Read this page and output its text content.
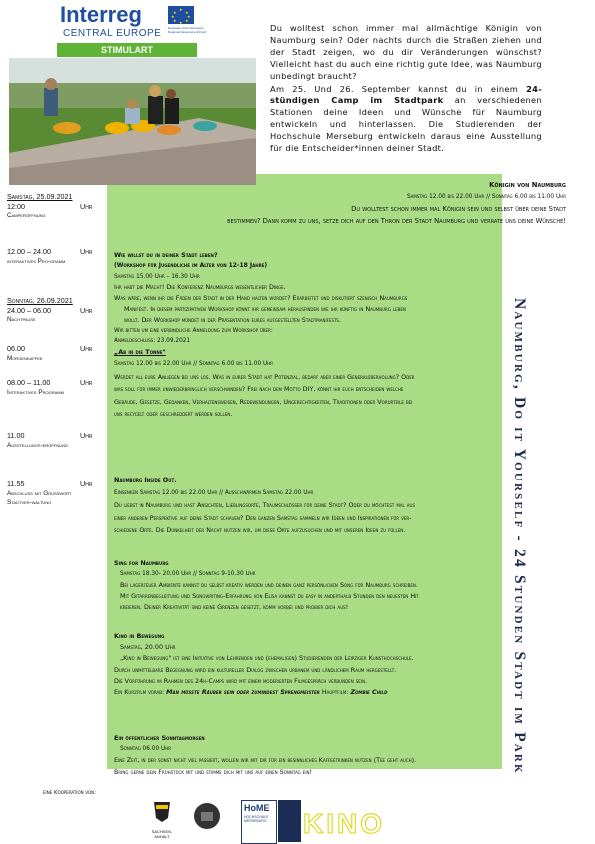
Interreg
CENTRAL EUROPE
★
★ ★
★	★
★ ★
★
European Union European Regional Development Fund
STIMULART

Du wolltest schon immer mal allmächtige Königin von Naumburg sein? Oder nachts durch die Straßen ziehen und der Stadt zeigen, wo du dir Veränderungen wünschst? Vielleicht hast du auch eine richtig gute Idee, was Naumburg unbedingt braucht?

Am 25. Und 26. September kannst du in einem 24-stündigen Camp im Stadtpark an verschiedenen Stationen deine Ideen und Wünsche für Naumburg entwickeln und hinterlassen. Die Studierenden der Hochschule Merseburg entwickeln daraus eine Ausstellung für die Entscheider*innen deiner Stadt.

Samstag, 25.09.2021
12:00	Uhr
Camperöffnung
12.00 – 24.00	Uhr
interaktives Pro-gramm
Sonntag, 26.09.2021
24.00 – 06.00	Uhr
Nachtpause
06.00	Uhr
Morgenkaffee
08.00 – 11.00	Uhr
Interaktives Programm
11.00	Uhr
Ausstellungs-eröffnung
11.55	Uhr
Abschluss mit Grußwort Stadtver-waltung
Königin von Naumburg
Samstag 12.00 bis 22.00 Uhr // Sonntag 6.00 bis 11.00 Uhr
Du wolltest schon immer mal Königin sein und selbst über deine Stadt
bestimmen? Dann komm zu uns, setze dich auf den Thron der Stadt Naumburg und verrate uns deine Wünsche!
Wie willst du in deiner Stadt leben?
(Workshop für Jugendliche im Alter von 12-18 Jahre)
Samstag 15.00 Uhr – 16.30 Uhr
Ihr habt die Macht! Die Konferenz Naumburgs wesentlicher Dinge.
Was wäre, wenn ihr die Fäden der Stadt in der Hand halten würdet? Erarbeitet und diskutiert szenisch Naumburgs
Manifest. In diesem partizipativen Workshop könnt ihr gemeinsam herausfinden wie ihr künftig in Naumburg leben
wollt. Der Workshop mündet in der Präsentation eures aufgestellten Stadtmanifests.
Wir bitten um eine verbindliche Anmeldung zum Workshop über:
Anmeldeschluss: 23.09.2021
„Ab in die Tonne"
Samstag 12.00 bis 22.00 Uhr // Sonntag 6.00 bis 11.00 Uhr
Werdet all eure Anliegen bei uns los. Was in eurer Stadt hat Potenzial, bedarf aber einer Generalüberholung? Oder
was soll für immer unwiederbringlich verschwinden? Frei nach dem Motto DIY, könnt ihr euch entscheiden welche
Gebäude, Gesetze, Gedanken, Verhaltensweisen, Redewendungen, Ungerechtigkeiten, Traditionen oder Vorurteile bei
uns recycelt oder geschreddert werden sollen.
Naumburg Inside Out.
Einsenken Samstag 12.00 bis 22.00 Uhr // Ausschwärmen Samstag 22.00 Uhr
Du liebst in Naumburg und hast Ansichten, Lieblingsorte, Traumschlösser für deine Stadt? Oder du möchtest mal aus
einer anderen Perspektive auf deine Stadt schauen? Den ganzen Samstag sammeln wir Ideen und Inspirationen für ver-
schiedene Orte. Die Dunkelheit der Nacht nutzen wir, um diese Orte aufzusuchen und mit unseren Ideen zu füllen.
Sing for Naumburg
Samstag 18.30- 20.00 Uhr // Sonntag 9-10.30 Uhr
Bei lagerfeuer Ambiente kannst du selbst kreativ werden und deinen ganz persönlichen Song für Naumburg schreiben.
Mit Gitarrenbegleitung und Songwriting-Erfahrung von Elisa kannst du easy in anderthalb Stunden den neuesten Hit
kreieren. Deiner Kreativität sind keine Grenzen gesetzt, komm vorbei und probier dich aus!
Kino in Bewegung
Samstag, 20.00 Uhr
„Kino in Bewegung" ist eine Initiative von Lehrenden und (ehemaligen) Studierenden der Leipziger Kunsthochschule.
Durch unmittelbare Begegnung wird ein kultureller Dialog zwischen urbanem und ländlichem Raum hergestellt.
Die Vorführung im Rahmen des 24h-Camps wird mit einem moderierten Filmgespräch verbunden sein.
Ein Kurzfilm vorab: Man müsste Räuber sein oder zumindest Sprengmeister Hauptfilm: Zombie Child
Ein öffentlicher Sonntagmorgen
Sonntag 06.00 Uhr
Eine Zeit, in der sonst nicht viel passiert, wollen wir mit dir für ein besinnliches Kaffeetrinken nutzen (Tee geht auch).
Bring gerne dein Frühstück mit und stimme dich mit uns auf einen Sonntag ein!	Naumburg, Do it Yourself - 24 Stunden Stadt im Park
eine Kooperation von:
SACHSEN-ANHALT
HoME
HOCHSCHULE MERSEBURG	KINO
